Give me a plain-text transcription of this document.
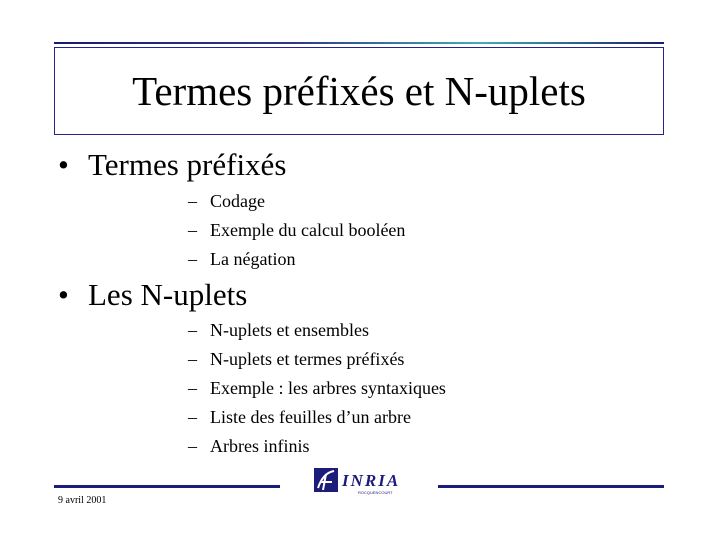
Termes préfixés et N-uplets
• Termes préfixés
– Codage
– Exemple du calcul booléen
– La négation
• Les N-uplets
– N-uplets et ensembles
– N-uplets et termes préfixés
– Exemple : les arbres syntaxiques
– Liste des feuilles d’un arbre
– Arbres infinis
INRIA
ROCQUENCOURT
9 avril 2001
